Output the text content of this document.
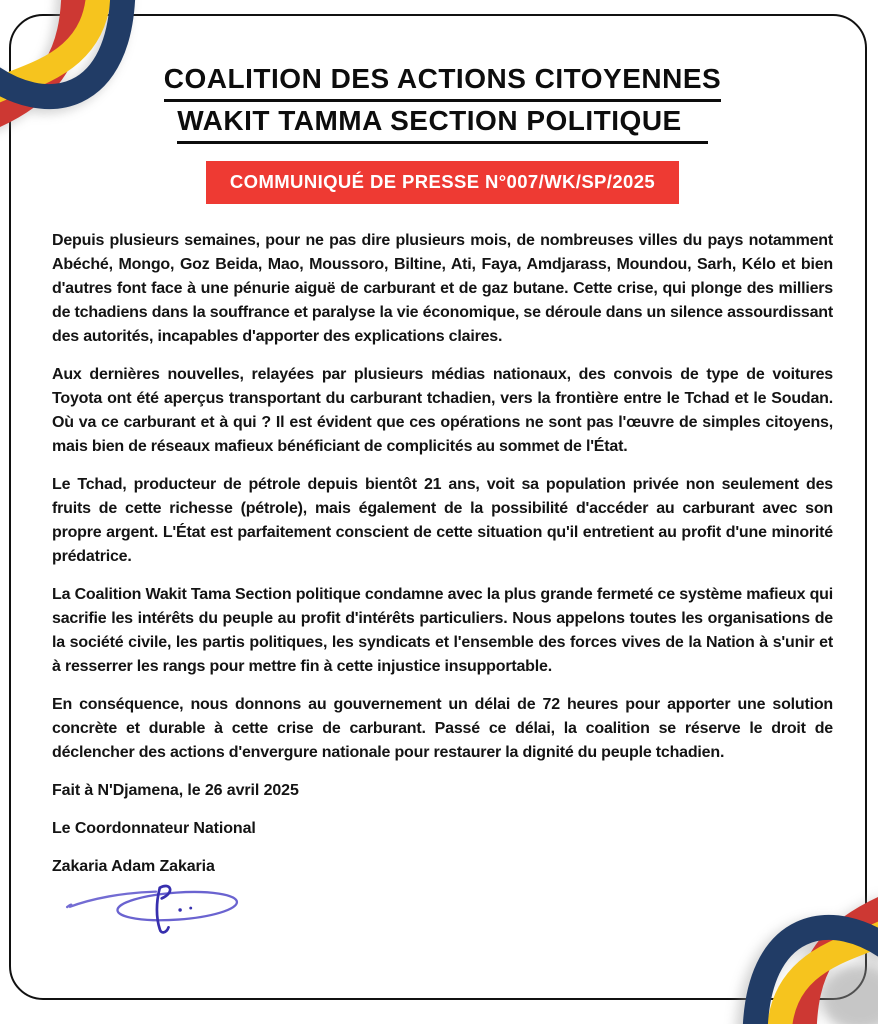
COALITION DES ACTIONS CITOYENNES WAKIT TAMMA SECTION POLITIQUE
COMMUNIQUÉ DE PRESSE N°007/WK/SP/2025

Depuis plusieurs semaines, pour ne pas dire plusieurs mois, de nombreuses villes du pays notamment Abéché, Mongo, Goz Beida, Mao, Moussoro, Biltine, Ati, Faya, Amdjarass, Moundou, Sarh, Kélo et bien d'autres font face à une pénurie aiguë de carburant et de gaz butane. Cette crise, qui plonge des milliers de tchadiens dans la souffrance et paralyse la vie économique, se déroule dans un silence assourdissant des autorités, incapables d'apporter des explications claires.

Aux dernières nouvelles, relayées par plusieurs médias nationaux, des convois de type de voitures Toyota ont été aperçus transportant du carburant tchadien, vers la frontière entre le Tchad et le Soudan. Où va ce carburant et à qui ? Il est évident que ces opérations ne sont pas l'œuvre de simples citoyens, mais bien de réseaux mafieux bénéficiant de complicités au sommet de l'État.

Le Tchad, producteur de pétrole depuis bientôt 21 ans, voit sa population privée non seulement des fruits de cette richesse (pétrole), mais également de la possibilité d'accéder au carburant avec son propre argent. L'État est parfaitement conscient de cette situation qu'il entretient au profit d'une minorité prédatrice.

La Coalition Wakit Tama Section politique condamne avec la plus grande fermeté ce système mafieux qui sacrifie les intérêts du peuple au profit d'intérêts particuliers. Nous appelons toutes les organisations de la société civile, les partis politiques, les syndicats et l'ensemble des forces vives de la Nation à s'unir et à resserrer les rangs pour mettre fin à cette injustice insupportable.

En conséquence, nous donnons au gouvernement un délai de 72 heures pour apporter une solution concrète et durable à cette crise de carburant. Passé ce délai, la coalition se réserve le droit de déclencher des actions d'envergure nationale pour restaurer la dignité du peuple tchadien.

Fait à N'Djamena, le 26 avril 2025

Le Coordonnateur National

Zakaria Adam Zakaria
